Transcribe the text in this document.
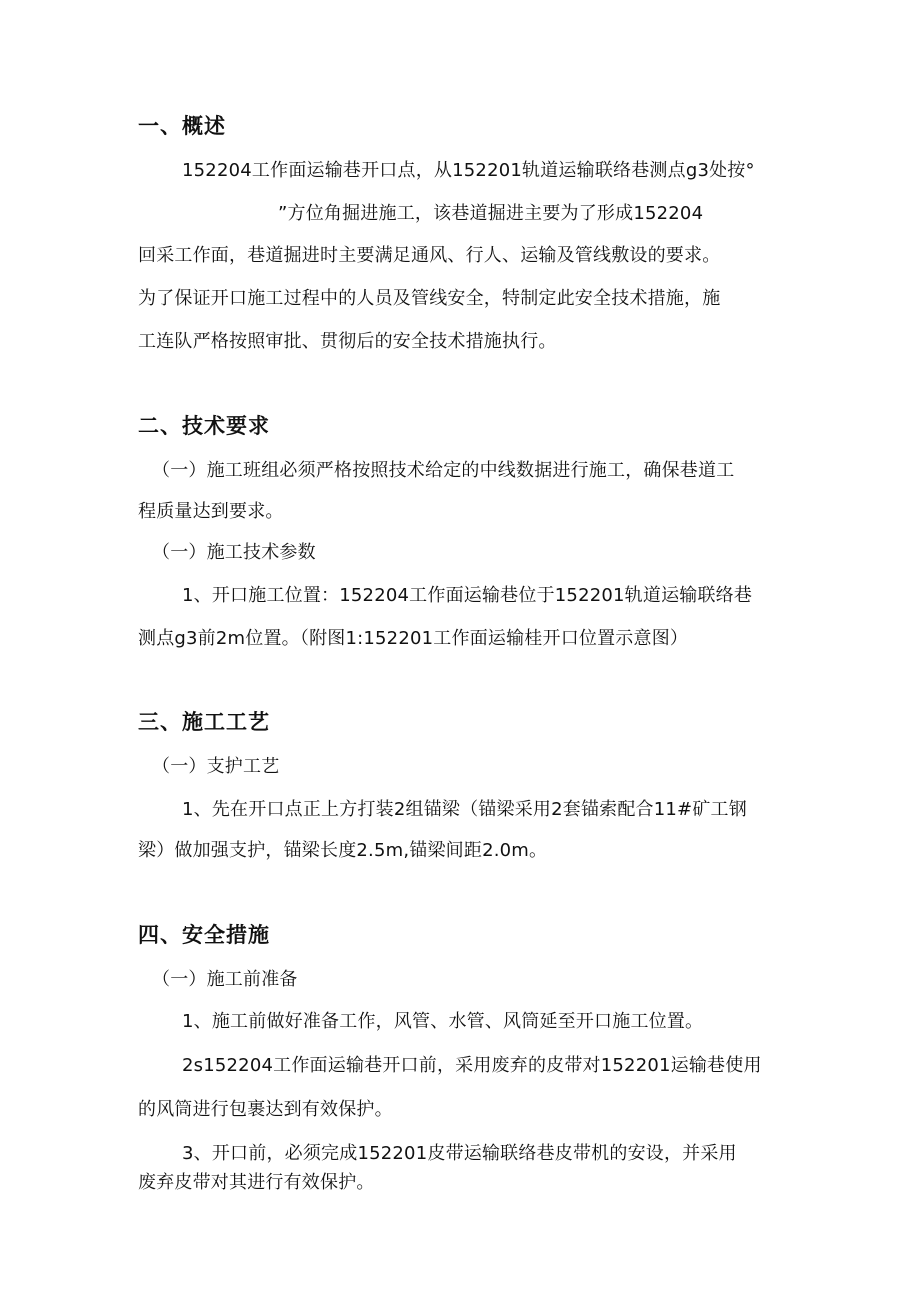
一、概述
152204工作面运输巷开口点，从152201轨道运输联络巷测点g3处按°
”方位角掘进施工，该巷道掘进主要为了形成152204
回采工作面，巷道掘进时主要满足通风、行人、运输及管线敷设的要求。
为了保证开口施工过程中的人员及管线安全，特制定此安全技术措施，施
工连队严格按照审批、贯彻后的安全技术措施执行。
二、技术要求
（一）施工班组必须严格按照技术给定的中线数据进行施工，确保巷道工
程质量达到要求。
（一）施工技术参数
1、开口施工位置：152204工作面运输巷位于152201轨道运输联络巷
测点g3前2m位置。（附图1:152201工作面运输桂开口位置示意图）
三、施工工艺
（一）支护工艺
1、先在开口点正上方打装2组锚梁（锚梁采用2套锚索配合11#矿工钢
梁）做加强支护，锚梁长度2.5m,锚梁间距2.0m。
四、安全措施
（一）施工前准备
1、施工前做好准备工作，风管、水管、风筒延至开口施工位置。
2s152204工作面运输巷开口前，采用废弃的皮带对152201运输巷使用
的风筒进行包裹达到有效保护。
3、开口前，必须完成152201皮带运输联络巷皮带机的安设，并采用
废弃皮带对其进行有效保护。
